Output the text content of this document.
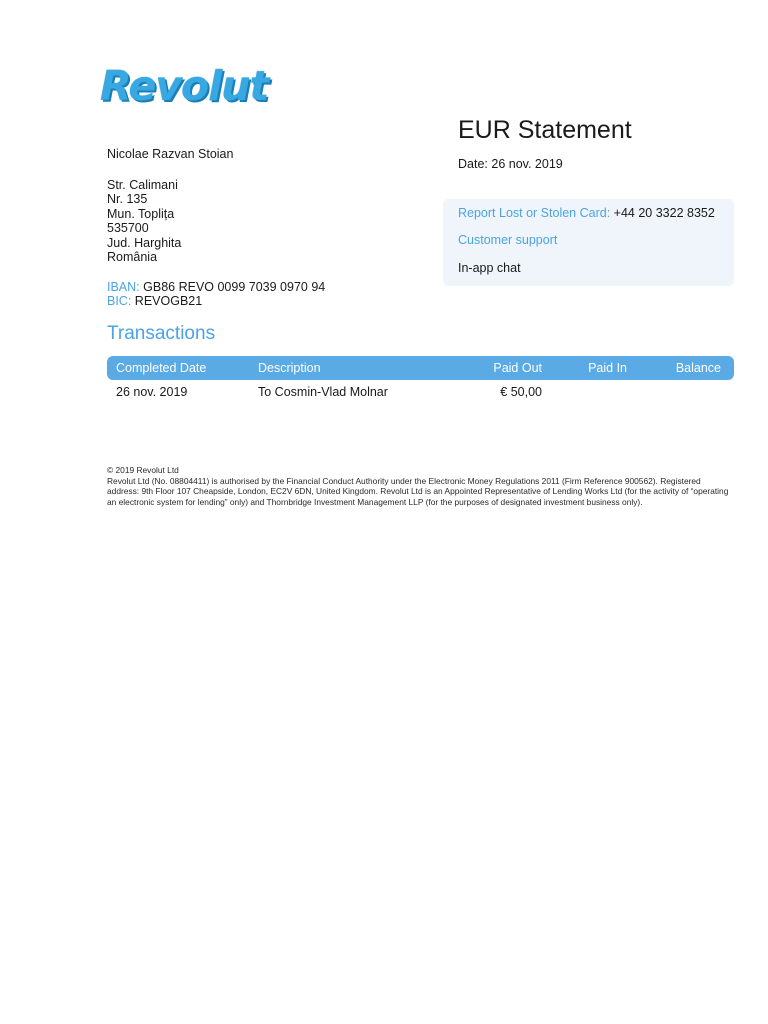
Revolut
EUR Statement
Date: 26 nov. 2019
Nicolae Razvan Stoian
Str. Calimani
Nr. 135
Mun. Toplița
535700
Jud. Harghita
România
IBAN: GB86 REVO 0099 7039 0970 94
BIC: REVOGB21
Report Lost or Stolen Card: +44 20 3322 8352
Customer support
In-app chat
Transactions
Completed Date	Description	Paid Out	Paid In	Balance
26 nov. 2019	To Cosmin-Vlad Molnar	€ 50,00
© 2019 Revolut Ltd
Revolut Ltd (No. 08804411) is authorised by the Financial Conduct Authority under the Electronic Money Regulations 2011 (Firm Reference 900562). Registered address: 9th Floor 107 Cheapside, London, EC2V 6DN, United Kingdom. Revolut Ltd is an Appointed Representative of Lending Works Ltd (for the activity of “operating an electronic system for lending” only) and Thornbridge Investment Management LLP (for the purposes of designated investment business only).
